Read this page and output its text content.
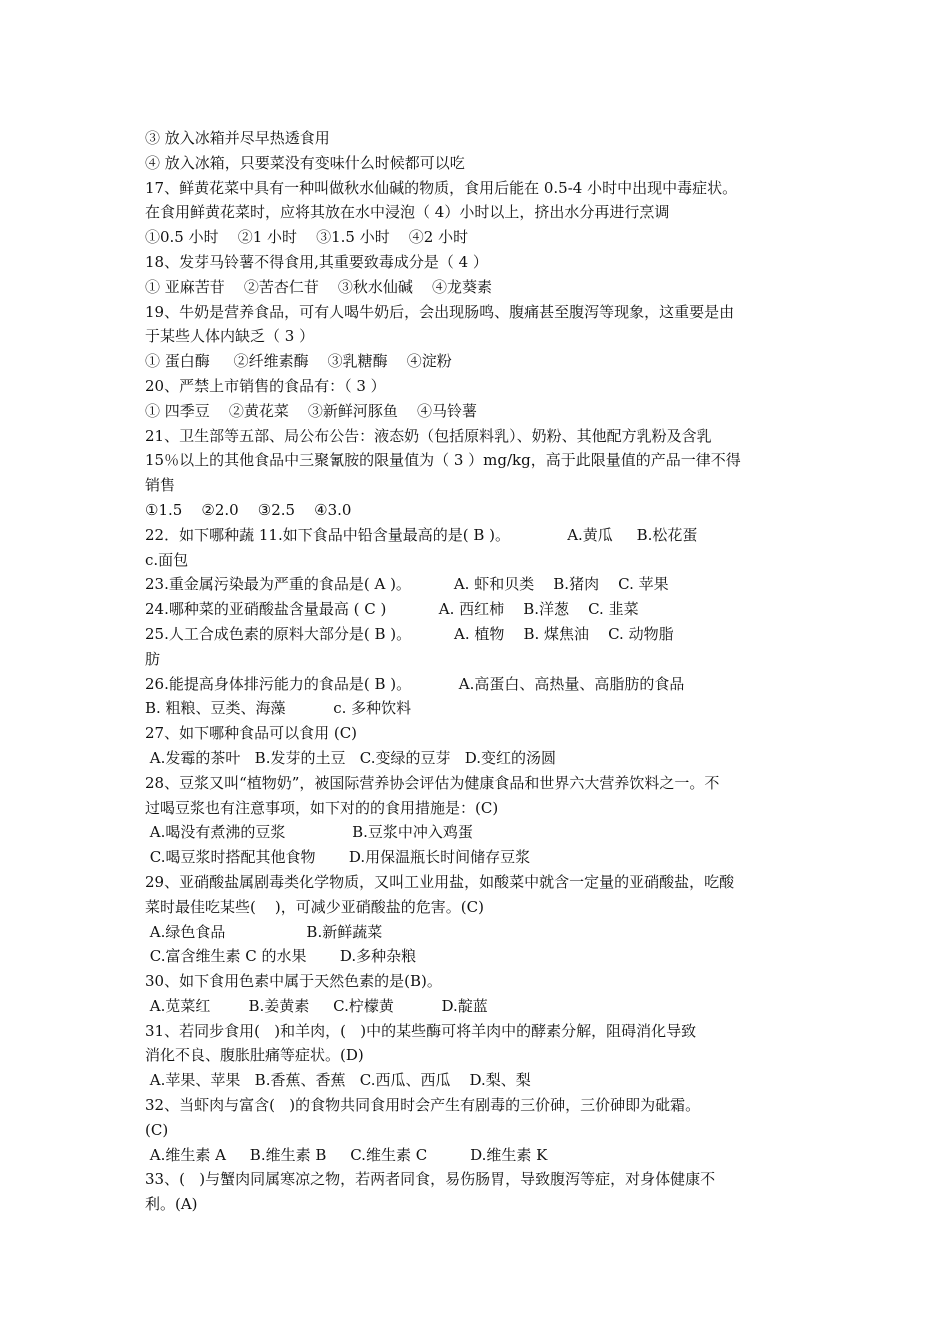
③ 放入冰箱并尽早热透食用
④ 放入冰箱，只要菜没有变味什么时候都可以吃
17、鲜黄花菜中具有一种叫做秋水仙碱的物质，食用后能在 0.5-4 小时中出现中毒症状。
在食用鲜黄花菜时，应将其放在水中浸泡（ 4）小时以上，挤出水分再进行烹调
①0.5 小时    ②1 小时    ③1.5 小时    ④2 小时
18、发芽马铃薯不得食用,其重要致毒成分是（ 4 ）
① 亚麻苦苷    ②苦杏仁苷    ③秋水仙碱    ④龙葵素
19、牛奶是营养食品，可有人喝牛奶后，会出现肠鸣、腹痛甚至腹泻等现象，这重要是由
于某些人体内缺乏（ 3 ）
① 蛋白酶     ②纤维素酶    ③乳糖酶    ④淀粉
20、严禁上市销售的食品有：（ 3 ）
① 四季豆    ②黄花菜    ③新鲜河豚鱼    ④马铃薯
21、卫生部等五部、局公布公告：液态奶（包括原料乳）、奶粉、其他配方乳粉及含乳
15％以上的其他食品中三聚氰胺的限量值为（ 3 ）mg/kg，高于此限量值的产品一律不得
销售
①1.5    ②2.0    ③2.5    ④3.0
22．如下哪种蔬 11.如下食品中铅含量最高的是( B )。            A.黄瓜     B.松花蛋
c.面包
23.重金属污染最为严重的食品是( A )。         A. 虾和贝类    B.猪肉    C. 苹果
24.哪种菜的亚硝酸盐含量最高 ( C )           A. 西红柿    B.洋葱    C. 韭菜
25.人工合成色素的原料大部分是( B )。         A. 植物    B. 煤焦油    C. 动物脂
肪
26.能提高身体排污能力的食品是( B )。          A.高蛋白、高热量、高脂肪的食品
B. 粗粮、豆类、海藻          c. 多种饮料
27、如下哪种食品可以食用 (C)
A.发霉的茶叶   B.发芽的土豆   C.变绿的豆芽   D.变红的汤圆
28、豆浆又叫“植物奶”，被国际营养协会评估为健康食品和世界六大营养饮料之一。不
过喝豆浆也有注意事项，如下对的的食用措施是：(C)
A.喝没有煮沸的豆浆              B.豆浆中冲入鸡蛋
C.喝豆浆时搭配其他食物       D.用保温瓶长时间储存豆浆
29、亚硝酸盐属剧毒类化学物质，又叫工业用盐，如酸菜中就含一定量的亚硝酸盐，吃酸
菜时最佳吃某些(    )，可减少亚硝酸盐的危害。(C)
A.绿色食品                 B.新鲜蔬菜
C.富含维生素 C 的水果       D.多种杂粮
30、如下食用色素中属于天然色素的是(B)。
A.苋菜红        B.姜黄素     C.柠檬黄          D.靛蓝
31、若同步食用(   )和羊肉，(   )中的某些酶可将羊肉中的酵素分解，阻碍消化导致
消化不良、腹胀肚痛等症状。(D)
A.苹果、苹果   B.香蕉、香蕉   C.西瓜、西瓜    D.梨、梨
32、当虾肉与富含(   )的食物共同食用时会产生有剧毒的三价砷，三价砷即为砒霜。
(C)
A.维生素 A     B.维生素 B     C.维生素 C         D.维生素 K
33、(   )与蟹肉同属寒凉之物，若两者同食，易伤肠胃，导致腹泻等症，对身体健康不
利。(A)
